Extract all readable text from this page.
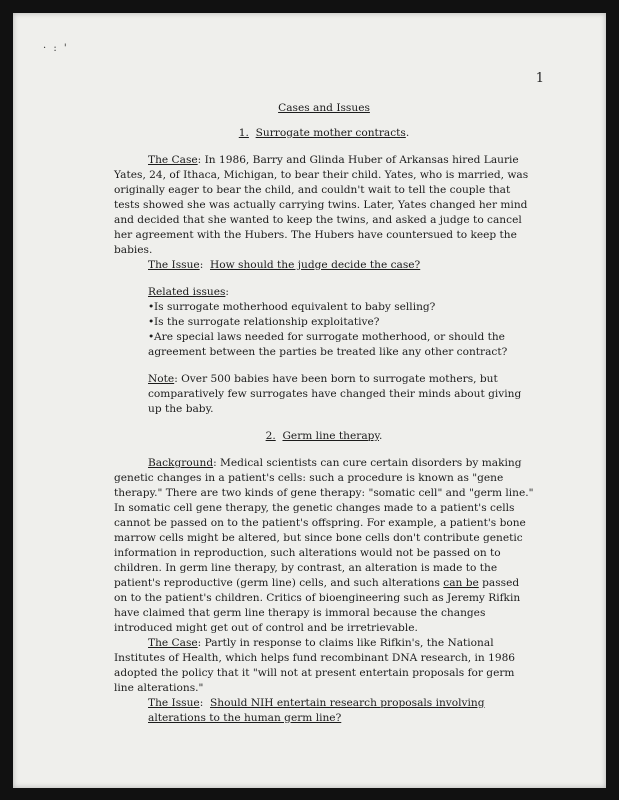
· : '
1
Cases and Issues
1. Surrogate mother contracts.

The Case: In 1986, Barry and Glinda Huber of Arkansas hired Laurie Yates, 24, of Ithaca, Michigan, to bear their child. Yates, who is married, was originally eager to bear the child, and couldn't wait to tell the couple that tests showed she was actually carrying twins. Later, Yates changed her mind and decided that she wanted to keep the twins, and asked a judge to cancel her agreement with the Hubers. The Hubers have countersued to keep the babies.

The Issue:  How should the judge decide the case?

Related issues:

•Is surrogate motherhood equivalent to baby selling?

•Is the surrogate relationship exploitative?

•Are special laws needed for surrogate motherhood, or should the agreement between the parties be treated like any other contract?

Note: Over 500 babies have been born to surrogate mothers, but comparatively few surrogates have changed their minds about giving up the baby.

2. Germ line therapy.

Background: Medical scientists can cure certain disorders by making genetic changes in a patient's cells: such a procedure is known as "gene therapy." There are two kinds of gene therapy: "somatic cell" and "germ line." In somatic cell gene therapy, the genetic changes made to a patient's cells cannot be passed on to the patient's offspring. For example, a patient's bone marrow cells might be altered, but since bone cells don't contribute genetic information in reproduction, such alterations would not be passed on to children. In germ line therapy, by contrast, an alteration is made to the patient's reproductive (germ line) cells, and such alterations can be passed on to the patient's children. Critics of bioengineering such as Jeremy Rifkin have claimed that germ line therapy is immoral because the changes introduced might get out of control and be irretrievable.

The Case: Partly in response to claims like Rifkin's, the National Institutes of Health, which helps fund recombinant DNA research, in 1986 adopted the policy that it "will not at present entertain proposals for germ line alterations."

The Issue:  Should NIH entertain research proposals involving alterations to the human germ line?
